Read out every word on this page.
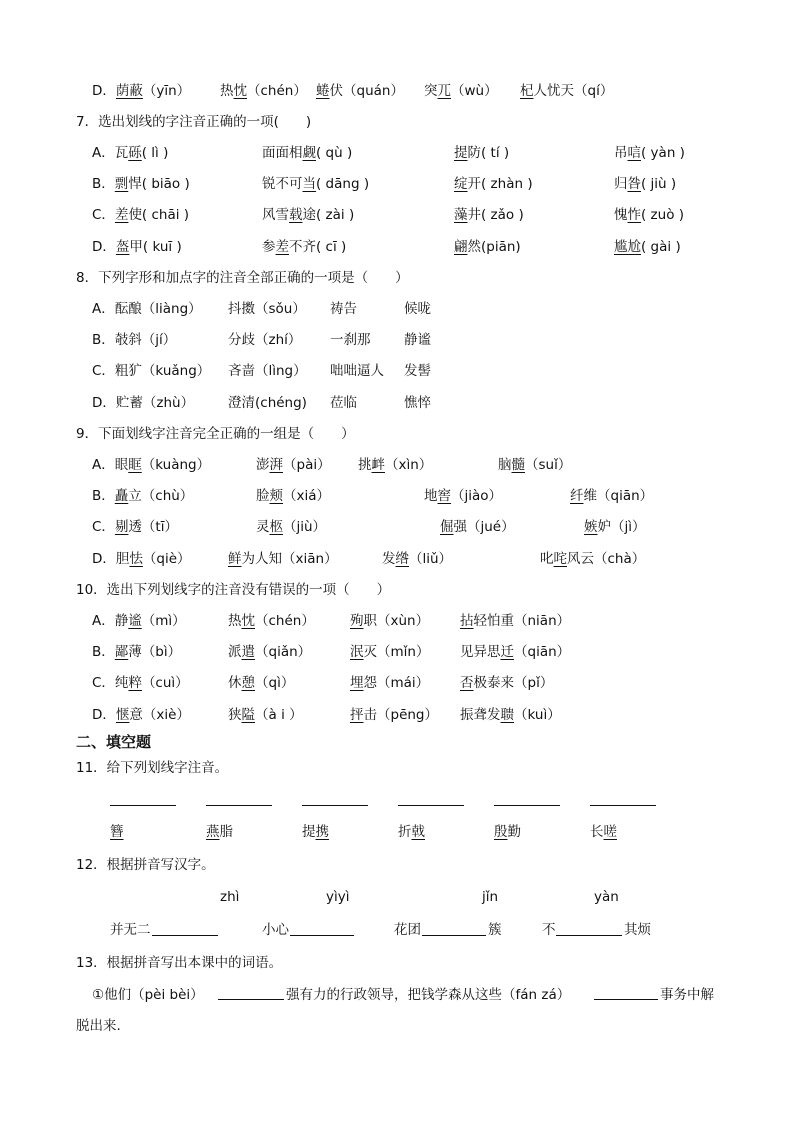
D．荫蔽（yīn） 热忱（chén） 蜷伏（quán） 突兀（wù） 杞人忧天（qí）
7．选出划线的字注音正确的一项(　　)
A．瓦砾( lì )	面面相觑( qù )	提防( tí )	吊唁( yàn )
B．剽悍( biāo )	锐不可当( dāng )	绽开( zhàn )	归咎( jiù )
C．差使( chāi )	风雪载途( zài )	藻井( zǎo )	愧怍( zuò )
D．盔甲( kuī )	参差不齐( cī )	翩然(piān)	尴尬( gài )
8．下列字形和加点字的注音全部正确的一项是（　　）
A．酝酿（liàng） 抖擞（sǒu） 祷告	候咙
B．攲斜（jí）	分歧（zhí） 一刹那 静谧
C．粗犷（kuǎng） 吝啬（lìng） 咄咄逼人 发髻
D．贮蓄（zhù）	澄清(chéng) 莅临	憔悴
9．下面划线字注音完全正确的一组是（　　）
A．眼眶（kuàng）	澎湃（pài） 挑衅（xìn）	脑髓（suǐ）
B．矗立（chù）	脸颊（xiá）	地窖（jiào）	纤维（qiān）
C．剔透（tī）	灵柩（jiù）	倔强（jué）	嫉妒（jì）
D．胆怯（qiè）	鲜为人知（xiān）	发绺（liǔ）	叱咤风云（chà）
10．选出下列划线字的注音没有错误的一项（　　）
A．静谧（mì）	热忱（chén）	殉职（xùn） 拈轻怕重（niān）
B．鄙薄（bì）	派遣（qiǎn）	泯灭（mǐn） 见异思迁（qiān）
C．纯粹（cuì）	休憩（qì）	埋怨（mái） 否极泰来（pǐ）
D．惬意（xiè）	狭隘（à i ）	抨击（pēng） 振聋发聩（kuì）
二、填空题
11．给下列划线字注音。
簪	燕脂	提携	折戟	殷勤	长嗟
12．根据拼音写汉字。
zhì	yìyì	jǐn	yàn
并无二	小心	花团	簇	不	其烦
13．根据拼音写出本课中的词语。
①他们（pèi bèi）	强有力的行政领导，把钱学森从这些（fán zá）	事务中解
脱出来.
